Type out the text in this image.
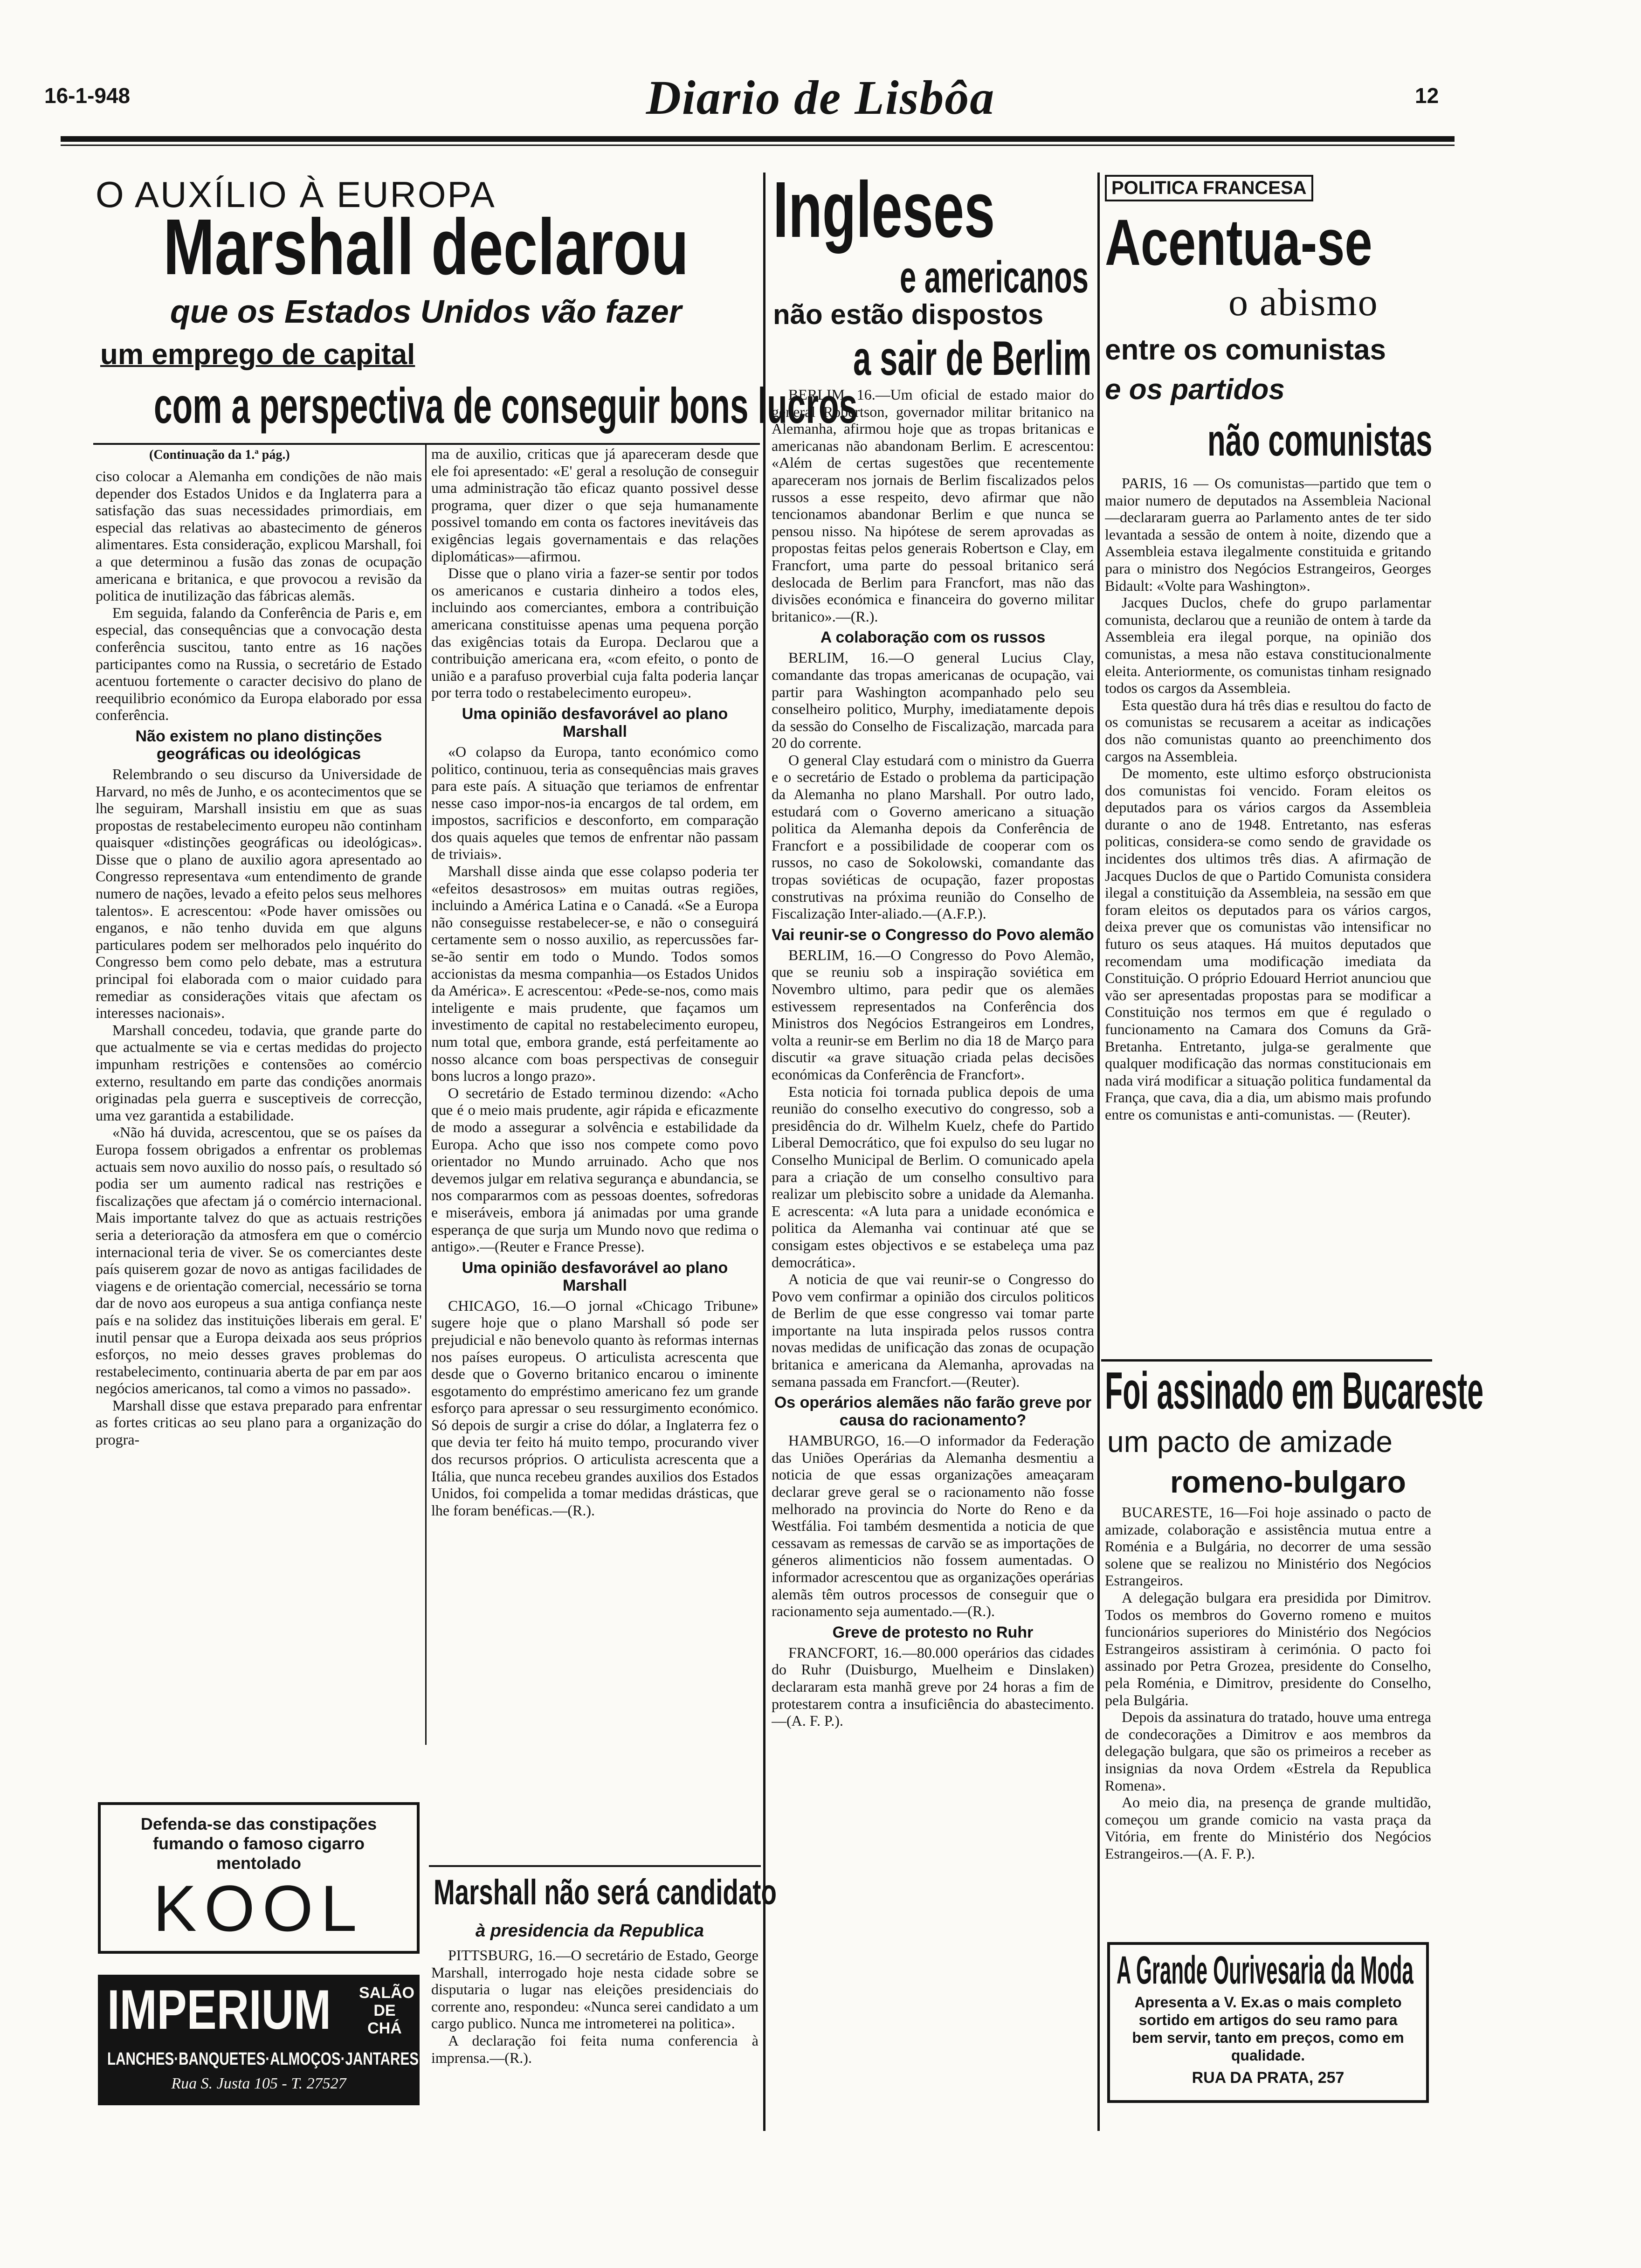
16-1-948	Diario de Lisbôa	12
O AUXÍLIO À EUROPA
Marshall declarou
que os Estados Unidos vão fazer
um emprego de capital
com a perspectiva de conseguir bons lucros
(Continuação da 1.ª pág.)

ciso colocar a Alemanha em condições de não mais depender dos Estados Unidos e da Inglaterra para a satisfação das suas necessidades primordiais, em especial das relativas ao abastecimento de géneros alimentares. Esta consideração, explicou Marshall, foi a que determinou a fusão das zonas de ocupação americana e britanica, e que provocou a revisão da politica de inutilização das fábricas alemãs.

Em seguida, falando da Conferência de Paris e, em especial, das consequências que a convocação desta conferência suscitou, tanto entre as 16 nações participantes como na Russia, o secretário de Estado acentuou fortemente o caracter decisivo do plano de reequilibrio económico da Europa elaborado por essa conferência.

Não existem no plano distinções geográficas ou ideológicas

Relembrando o seu discurso da Universidade de Harvard, no mês de Junho, e os acontecimentos que se lhe seguiram, Marshall insistiu em que as suas propostas de restabelecimento europeu não continham quaisquer «distinções geográficas ou ideológicas». Disse que o plano de auxilio agora apresentado ao Congresso representava «um entendimento de grande numero de nações, levado a efeito pelos seus melhores talentos». E acrescentou: «Pode haver omissões ou enganos, e não tenho duvida em que alguns particulares podem ser melhorados pelo inquérito do Congresso bem como pelo debate, mas a estrutura principal foi elaborada com o maior cuidado para remediar as considerações vitais que afectam os interesses nacionais».

Marshall concedeu, todavia, que grande parte do que actualmente se via e certas medidas do projecto impunham restrições e contensões ao comércio externo, resultando em parte das condições anormais originadas pela guerra e susceptiveis de correcção, uma vez garantida a estabilidade.

«Não há duvida, acrescentou, que se os países da Europa fossem obrigados a enfrentar os problemas actuais sem novo auxilio do nosso país, o resultado só podia ser um aumento radical nas restrições e fiscalizações que afectam já o comércio internacional. Mais importante talvez do que as actuais restrições seria a deterioração da atmosfera em que o comércio internacional teria de viver. Se os comerciantes deste país quiserem gozar de novo as antigas facilidades de viagens e de orientação comercial, necessário se torna dar de novo aos europeus a sua antiga confiança neste país e na solidez das instituições liberais em geral. E' inutil pensar que a Europa deixada aos seus próprios esforços, no meio desses graves problemas do restabelecimento, continuaria aberta de par em par aos negócios americanos, tal como a vimos no passado».

Marshall disse que estava preparado para enfrentar as fortes criticas ao seu plano para a organização do progra-

ma de auxilio, criticas que já apareceram desde que ele foi apresentado: «E' geral a resolução de conseguir uma administração tão eficaz quanto possivel desse programa, quer dizer o que seja humanamente possivel tomando em conta os factores inevitáveis das exigências legais governamentais e das relações diplomáticas»—afirmou.

Disse que o plano viria a fazer-se sentir por todos os americanos e custaria dinheiro a todos eles, incluindo aos comerciantes, embora a contribuição americana constituisse apenas uma pequena porção das exigências totais da Europa. Declarou que a contribuição americana era, «com efeito, o ponto de união e a parafuso proverbial cuja falta poderia lançar por terra todo o restabelecimento europeu».

Uma opinião desfavorável ao plano Marshall

«O colapso da Europa, tanto económico como politico, continuou, teria as consequências mais graves para este país. A situação que teriamos de enfrentar nesse caso impor-nos-ia encargos de tal ordem, em impostos, sacrificios e desconforto, em comparação dos quais aqueles que temos de enfrentar não passam de triviais».

Marshall disse ainda que esse colapso poderia ter «efeitos desastrosos» em muitas outras regiões, incluindo a América Latina e o Canadá. «Se a Europa não conseguisse restabelecer-se, e não o conseguirá certamente sem o nosso auxilio, as repercussões far-se-ão sentir em todo o Mundo. Todos somos accionistas da mesma companhia—os Estados Unidos da América». E acrescentou: «Pede-se-nos, como mais inteligente e mais prudente, que façamos um investimento de capital no restabelecimento europeu, num total que, embora grande, está perfeitamente ao nosso alcance com boas perspectivas de conseguir bons lucros a longo prazo».

O secretário de Estado terminou dizendo: «Acho que é o meio mais prudente, agir rápida e eficazmente de modo a assegurar a solvência e estabilidade da Europa. Acho que isso nos compete como povo orientador no Mundo arruinado. Acho que nos devemos julgar em relativa segurança e abundancia, se nos compararmos com as pessoas doentes, sofredoras e miseráveis, embora já animadas por uma grande esperança de que surja um Mundo novo que redima o antigo».—(Reuter e France Presse).

Uma opinião desfavorável ao plano Marshall

CHICAGO, 16.—O jornal «Chicago Tribune» sugere hoje que o plano Marshall só pode ser prejudicial e não benevolo quanto às reformas internas nos países europeus. O articulista acrescenta que desde que o Governo britanico encarou o iminente esgotamento do empréstimo americano fez um grande esforço para apressar o seu ressurgimento económico. Só depois de surgir a crise do dólar, a Inglaterra fez o que devia ter feito há muito tempo, procurando viver dos recursos próprios. O articulista acrescenta que a Itália, que nunca recebeu grandes auxilios dos Estados Unidos, foi compelida a tomar medidas drásticas, que lhe foram benéficas.—(R.).

Marshall não será candidato
à presidencia da Republica

PITTSBURG, 16.—O secretário de Estado, George Marshall, interrogado hoje nesta cidade sobre se disputaria o lugar nas eleições presidenciais do corrente ano, respondeu: «Nunca serei candidato a um cargo publico. Nunca me intrometerei na politica».

A declaração foi feita numa conferencia à imprensa.—(R.).

Defenda-se das constipações
fumando o famoso cigarro
mentolado
KOOL
IMPERIUM SALÃO
DE
CHÁ
LANCHES·BANQUETES·ALMOÇOS·JANTARES
Rua S. Justa 105 - T. 27527
Ingleses
e americanos
não estão dispostos
a sair de Berlim

BERLIM, 16.—Um oficial de estado maior do general Robertson, governador militar britanico na Alemanha, afirmou hoje que as tropas britanicas e americanas não abandonam Berlim. E acrescentou: «Além de certas sugestões que recentemente apareceram nos jornais de Berlim fiscalizados pelos russos a esse respeito, devo afirmar que não tencionamos abandonar Berlim e que nunca se pensou nisso. Na hipótese de serem aprovadas as propostas feitas pelos generais Robertson e Clay, em Francfort, uma parte do pessoal britanico será deslocada de Berlim para Francfort, mas não das divisões económica e financeira do governo militar britanico».—(R.).

A colaboração com os russos

BERLIM, 16.—O general Lucius Clay, comandante das tropas americanas de ocupação, vai partir para Washington acompanhado pelo seu conselheiro politico, Murphy, imediatamente depois da sessão do Conselho de Fiscalização, marcada para 20 do corrente.

O general Clay estudará com o ministro da Guerra e o secretário de Estado o problema da participação da Alemanha no plano Marshall. Por outro lado, estudará com o Governo americano a situação politica da Alemanha depois da Conferência de Francfort e a possibilidade de cooperar com os russos, no caso de Sokolowski, comandante das tropas soviéticas de ocupação, fazer propostas construtivas na próxima reunião do Conselho de Fiscalização Inter-aliado.—(A.F.P.).

Vai reunir-se o Congresso do Povo alemão

BERLIM, 16.—O Congresso do Povo Alemão, que se reuniu sob a inspiração soviética em Novembro ultimo, para pedir que os alemães estivessem representados na Conferência dos Ministros dos Negócios Estrangeiros em Londres, volta a reunir-se em Berlim no dia 18 de Março para discutir «a grave situação criada pelas decisões económicas da Conferência de Francfort».

Esta noticia foi tornada publica depois de uma reunião do conselho executivo do congresso, sob a presidência do dr. Wilhelm Kuelz, chefe do Partido Liberal Democrático, que foi expulso do seu lugar no Conselho Municipal de Berlim. O comunicado apela para a criação de um conselho consultivo para realizar um plebiscito sobre a unidade da Alemanha. E acrescenta: «A luta para a unidade económica e politica da Alemanha vai continuar até que se consigam estes objectivos e se estabeleça uma paz democrática».

A noticia de que vai reunir-se o Congresso do Povo vem confirmar a opinião dos circulos politicos de Berlim de que esse congresso vai tomar parte importante na luta inspirada pelos russos contra novas medidas de unificação das zonas de ocupação britanica e americana da Alemanha, aprovadas na semana passada em Francfort.—(Reuter).

Os operários alemães não farão greve por causa do racionamento?

HAMBURGO, 16.—O informador da Federação das Uniões Operárias da Alemanha desmentiu a noticia de que essas organizações ameaçaram declarar greve geral se o racionamento não fosse melhorado na provincia do Norte do Reno e da Westfália. Foi também desmentida a noticia de que cessavam as remessas de carvão se as importações de géneros alimenticios não fossem aumentadas. O informador acrescentou que as organizações operárias alemãs têm outros processos de conseguir que o racionamento seja aumentado.—(R.).

Greve de protesto no Ruhr

FRANCFORT, 16.—80.000 operários das cidades do Ruhr (Duisburgo, Muelheim e Dinslaken) declararam esta manhã greve por 24 horas a fim de protestarem contra a insuficiência do abastecimento.—(A. F. P.).

POLITICA FRANCESA
Acentua-se
o abismo
entre os comunistas
e os partidos
não comunistas

PARIS, 16 — Os comunistas—partido que tem o maior numero de deputados na Assembleia Nacional—declararam guerra ao Parlamento antes de ter sido levantada a sessão de ontem à noite, dizendo que a Assembleia estava ilegalmente constituida e gritando para o ministro dos Negócios Estrangeiros, Georges Bidault: «Volte para Washington».

Jacques Duclos, chefe do grupo parlamentar comunista, declarou que a reunião de ontem à tarde da Assembleia era ilegal porque, na opinião dos comunistas, a mesa não estava constitucionalmente eleita. Anteriormente, os comunistas tinham resignado todos os cargos da Assembleia.

Esta questão dura há três dias e resultou do facto de os comunistas se recusarem a aceitar as indicações dos não comunistas quanto ao preenchimento dos cargos na Assembleia.

De momento, este ultimo esforço obstrucionista dos comunistas foi vencido. Foram eleitos os deputados para os vários cargos da Assembleia durante o ano de 1948. Entretanto, nas esferas politicas, considera-se como sendo de gravidade os incidentes dos ultimos três dias. A afirmação de Jacques Duclos de que o Partido Comunista considera ilegal a constituição da Assembleia, na sessão em que foram eleitos os deputados para os vários cargos, deixa prever que os comunistas vão intensificar no futuro os seus ataques. Há muitos deputados que recomendam uma modificação imediata da Constituição. O próprio Edouard Herriot anunciou que vão ser apresentadas propostas para se modificar a Constituição nos termos em que é regulado o funcionamento na Camara dos Comuns da Grã-Bretanha. Entretanto, julga-se geralmente que qualquer modificação das normas constitucionais em nada virá modificar a situação politica fundamental da França, que cava, dia a dia, um abismo mais profundo entre os comunistas e anti-comunistas. — (Reuter).

Foi assinado em Bucareste
um pacto de amizade
romeno-bulgaro

BUCARESTE, 16—Foi hoje assinado o pacto de amizade, colaboração e assistência mutua entre a Roménia e a Bulgária, no decorrer de uma sessão solene que se realizou no Ministério dos Negócios Estrangeiros.

A delegação bulgara era presidida por Dimitrov. Todos os membros do Governo romeno e muitos funcionários superiores do Ministério dos Negócios Estrangeiros assistiram à cerimónia. O pacto foi assinado por Petra Grozea, presidente do Conselho, pela Roménia, e Dimitrov, presidente do Conselho, pela Bulgária.

Depois da assinatura do tratado, houve uma entrega de condecorações a Dimitrov e aos membros da delegação bulgara, que são os primeiros a receber as insignias da nova Ordem «Estrela da Republica Romena».

Ao meio dia, na presença de grande multidão, começou um grande comicio na vasta praça da Vitória, em frente do Ministério dos Negócios Estrangeiros.—(A. F. P.).

A Grande Ourivesaria da Moda
Apresenta a V. Ex.as o mais completo sortido em artigos do seu ramo para bem servir, tanto em preços, como em qualidade.
RUA DA PRATA, 257
